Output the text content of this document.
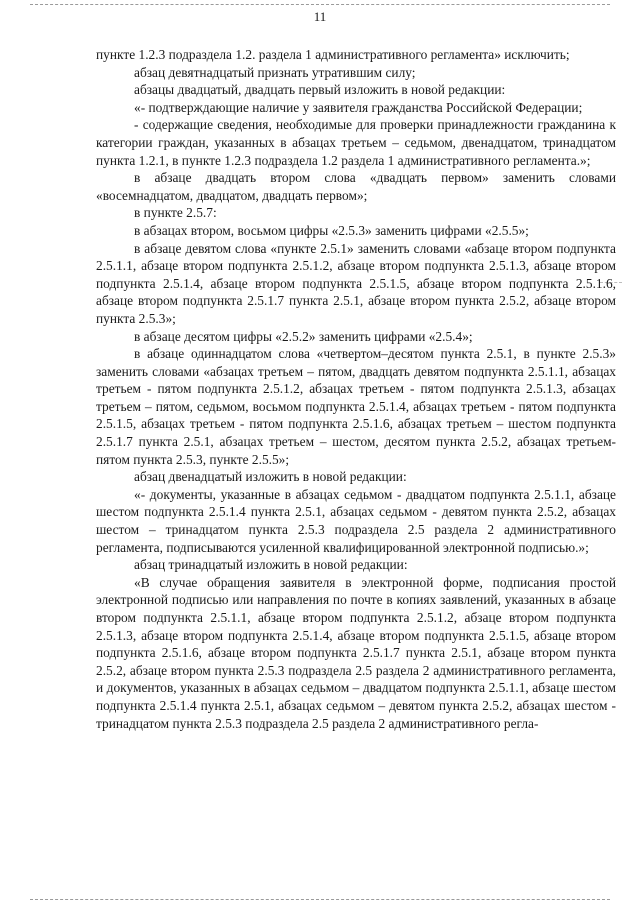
11

пункте 1.2.3 подраздела 1.2. раздела 1 административного регламента» исключить;

абзац девятнадцатый признать утратившим силу;

абзацы двадцатый, двадцать первый изложить в новой редакции:

«- подтверждающие наличие у заявителя гражданства Российской Федерации;

- содержащие сведения, необходимые для проверки принадлежности гражданина к категории граждан, указанных в абзацах третьем – седьмом, двенадцатом, тринадцатом пункта 1.2.1, в пункте 1.2.3 подраздела 1.2 раздела 1 административного регламента.»;

в абзаце двадцать втором слова «двадцать первом» заменить словами «восемнадцатом, двадцатом, двадцать первом»;

в пункте 2.5.7:

в абзацах втором, восьмом цифры «2.5.3» заменить цифрами «2.5.5»;

в абзаце девятом слова «пункте 2.5.1» заменить словами «абзаце втором подпункта 2.5.1.1, абзаце втором подпункта 2.5.1.2, абзаце втором подпункта 2.5.1.3, абзаце втором подпункта 2.5.1.4, абзаце втором подпункта 2.5.1.5, абзаце втором подпункта 2.5.1.6, абзаце втором подпункта 2.5.1.7 пункта 2.5.1, абзаце втором пункта 2.5.2, абзаце втором пункта 2.5.3»;

в абзаце десятом цифры «2.5.2» заменить цифрами «2.5.4»;

в абзаце одиннадцатом слова «четвертом–десятом пункта 2.5.1, в пункте 2.5.3» заменить словами «абзацах третьем – пятом, двадцать девятом подпункта 2.5.1.1, абзацах третьем - пятом подпункта 2.5.1.2, абзацах третьем - пятом подпункта 2.5.1.3, абзацах третьем – пятом, седьмом, восьмом подпункта 2.5.1.4, абзацах третьем - пятом подпункта 2.5.1.5, абзацах третьем - пятом подпункта 2.5.1.6, абзацах третьем – шестом подпункта 2.5.1.7 пункта 2.5.1, абзацах третьем – шестом, десятом пункта 2.5.2, абзацах третьем-пятом пункта 2.5.3, пункте 2.5.5»;

абзац двенадцатый изложить в новой редакции:

«- документы, указанные в абзацах седьмом - двадцатом подпункта 2.5.1.1, абзаце шестом подпункта 2.5.1.4 пункта 2.5.1, абзацах седьмом - девятом пункта 2.5.2, абзацах шестом – тринадцатом пункта 2.5.3 подраздела 2.5 раздела 2 административного регламента, подписываются усиленной квалифицированной электронной подписью.»;

абзац тринадцатый изложить в новой редакции:

«В случае обращения заявителя в электронной форме, подписания простой электронной подписью или направления по почте в копиях заявлений, указанных в абзаце втором подпункта 2.5.1.1, абзаце втором подпункта 2.5.1.2, абзаце втором подпункта 2.5.1.3, абзаце втором подпункта 2.5.1.4, абзаце втором подпункта 2.5.1.5, абзаце втором подпункта 2.5.1.6, абзаце втором подпункта 2.5.1.7 пункта 2.5.1, абзаце втором пункта 2.5.2, абзаце втором пункта 2.5.3 подраздела 2.5 раздела 2 административного регламента, и документов, указанных в абзацах седьмом – двадцатом подпункта 2.5.1.1, абзаце шестом подпункта 2.5.1.4 пункта 2.5.1, абзацах седьмом – девятом пункта 2.5.2, абзацах шестом - тринадцатом пункта 2.5.3 подраздела 2.5 раздела 2 административного регла-
